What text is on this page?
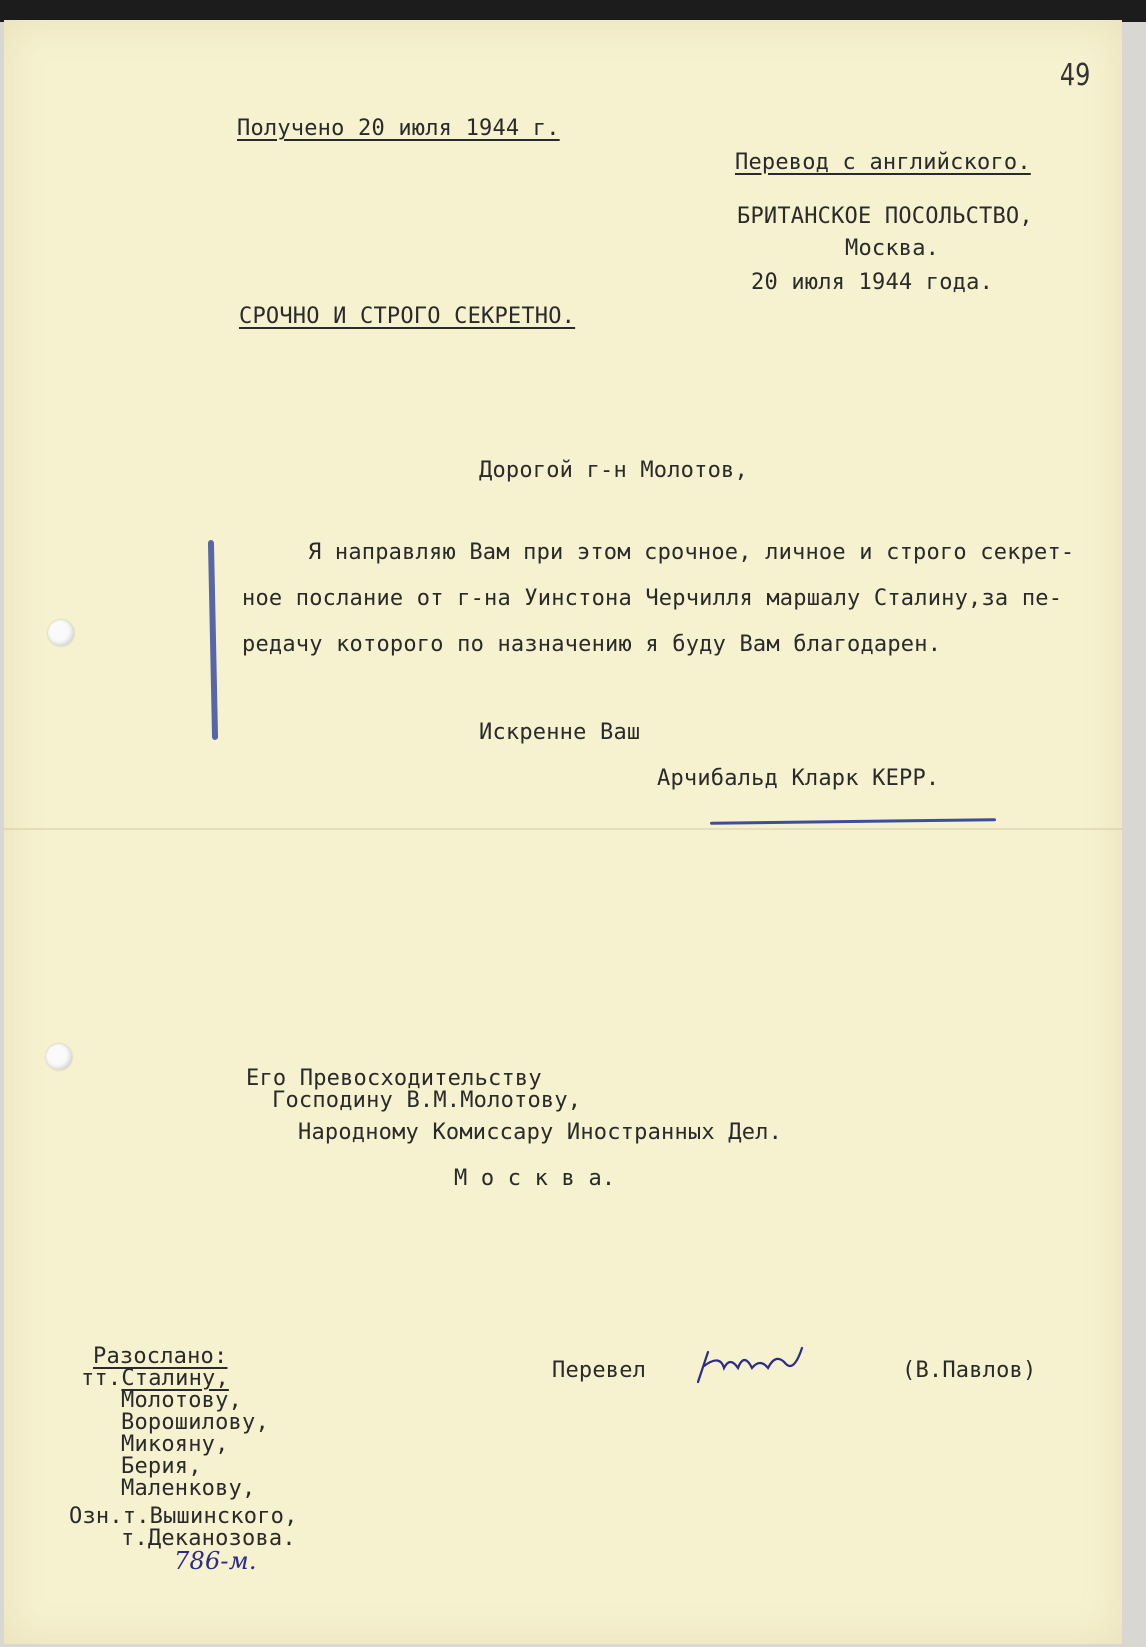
49
Получено 20 июля 1944 г.
Перевод с английского.
БРИТАНСКОЕ ПОСОЛЬСТВО,
Москва.
20 июля 1944 года.
СРОЧНО И СТРОГО СЕКРЕТНО.
Дорогой г-н Молотов,
Я направляю Вам при этом срочное, личное и строго секрет-
ное послание от г-на Уинстона Черчилля маршалу Сталину,за пе-
редачу которого по назначению я буду Вам благодарен.
Искренне Ваш
Арчибальд Кларк КЕРР.
Его Превосходительству
Господину В.М.Молотову,
Народному Комиссару Иностранных Дел.
М о с к в а.
Разослано:
тт.Сталину,
Молотову,
Ворошилову,
Микояну,
Берия,
Маленкову,
Озн.т.Вышинского,
т.Деканозова.
786-м.
Перевел	(В.Павлов)
